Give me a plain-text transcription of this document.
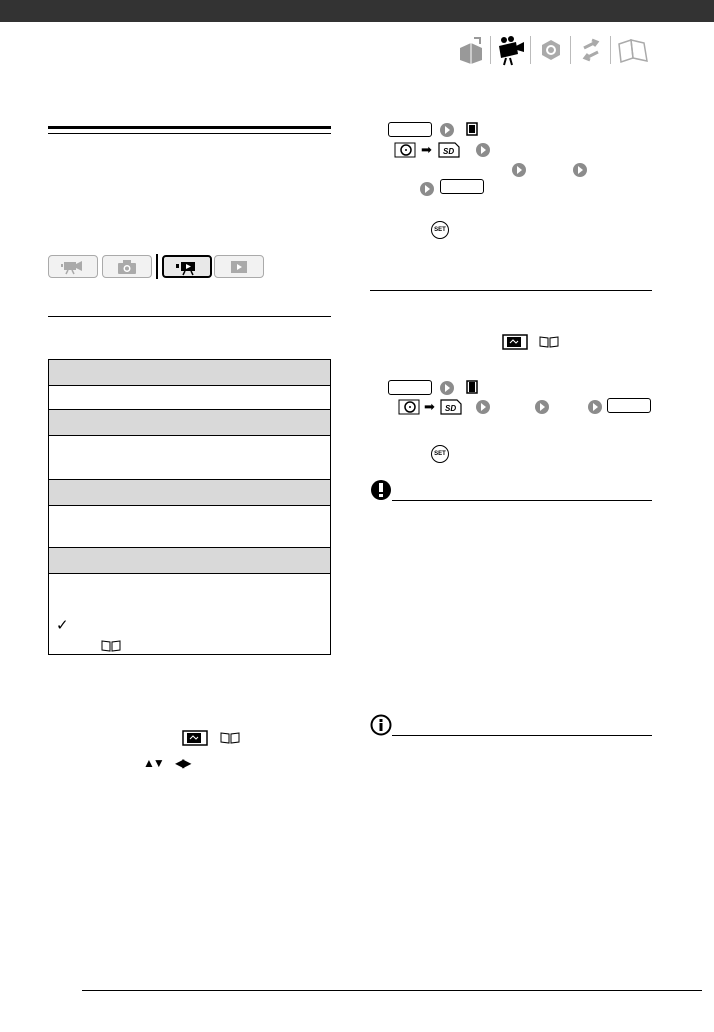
✓
▲▼ ◀▶
➡ SD
SET
➡ SD
SET
